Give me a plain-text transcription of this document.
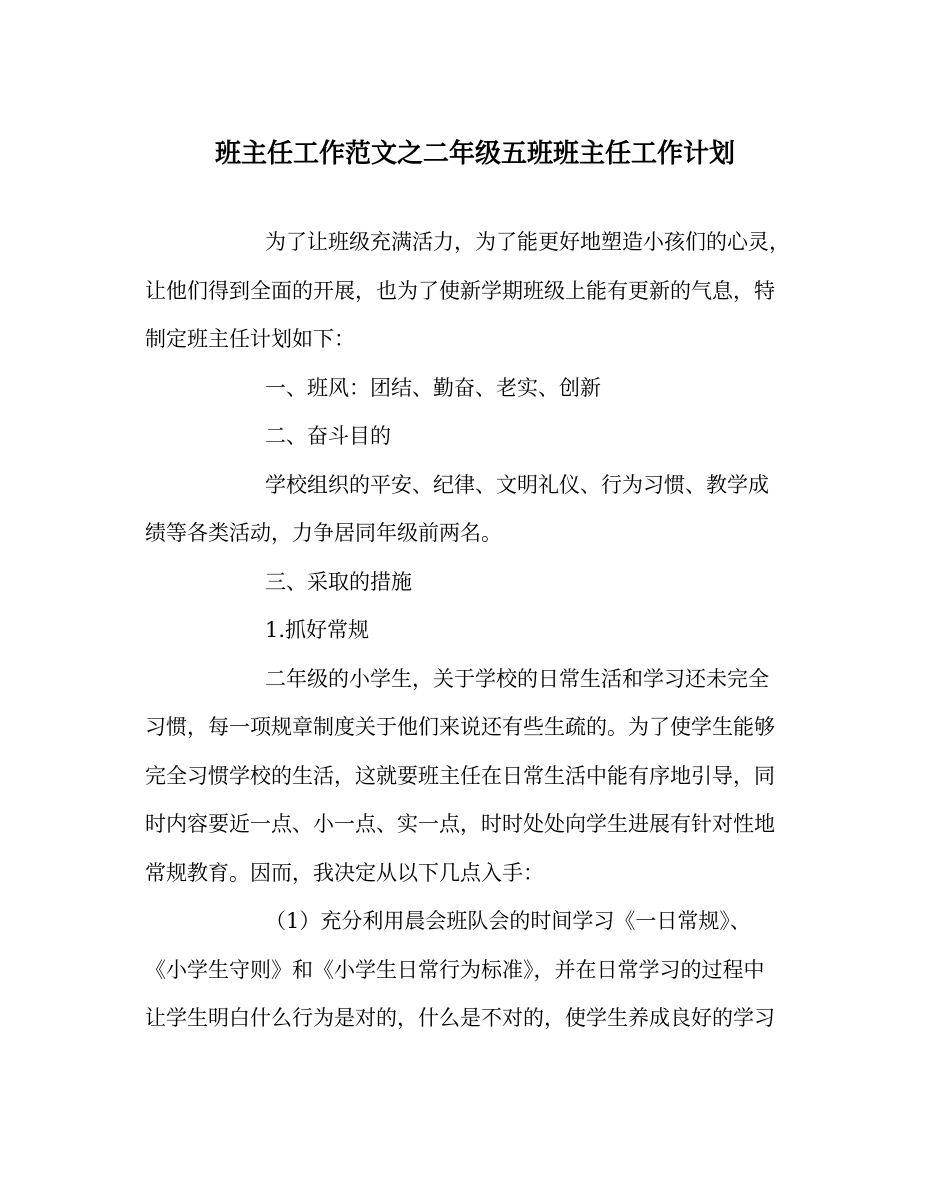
班主任工作范文之二年级五班班主任工作计划
为了让班级充满活力，为了能更好地塑造小孩们的心灵，
让他们得到全面的开展，也为了使新学期班级上能有更新的气息，特
制定班主任计划如下：
一、班风：团结、勤奋、老实、创新
二、奋斗目的
学校组织的平安、纪律、文明礼仪、行为习惯、教学成
绩等各类活动，力争居同年级前两名。
三、采取的措施
1.抓好常规
二年级的小学生，关于学校的日常生活和学习还未完全
习惯，每一项规章制度关于他们来说还有些生疏的。为了使学生能够
完全习惯学校的生活，这就要班主任在日常生活中能有序地引导，同
时内容要近一点、小一点、实一点，时时处处向学生进展有针对性地
常规教育。因而，我决定从以下几点入手：
（1）充分利用晨会班队会的时间学习《一日常规》、
《小学生守则》和《小学生日常行为标准》，并在日常学习的过程中
让学生明白什么行为是对的，什么是不对的，使学生养成良好的学习
